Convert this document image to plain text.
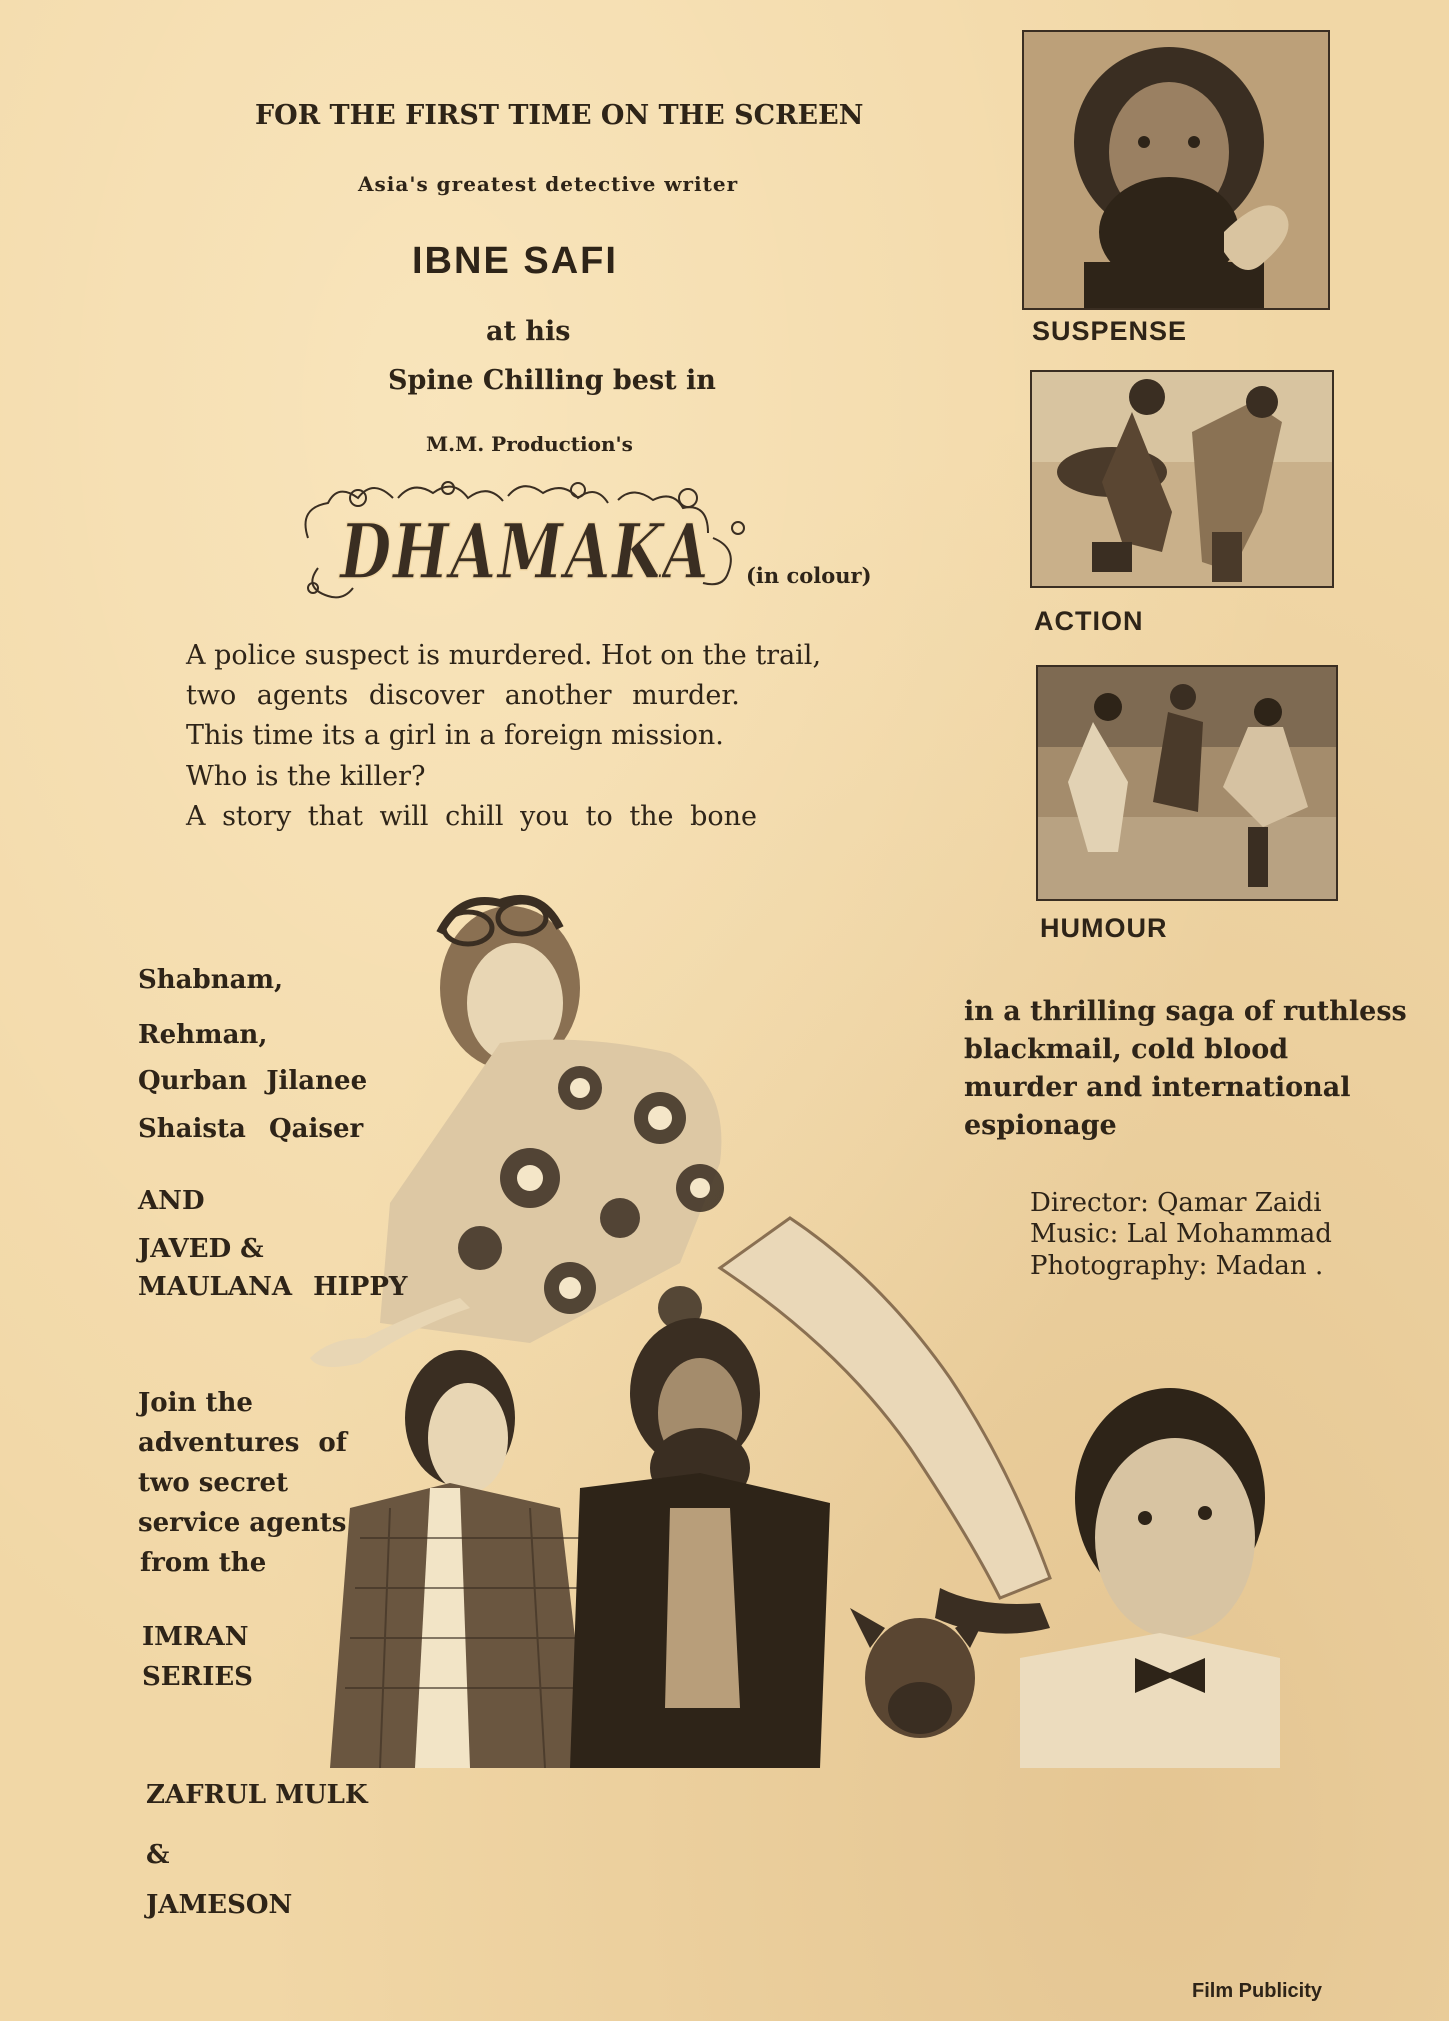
FOR THE FIRST TIME ON THE SCREEN
Asia's greatest detective writer
IBNE SAFI
at his
Spine Chilling best in
M.M. Production's
DHAMAKA (in colour)
A police suspect is murdered. Hot on the trail,
two agents discover another murder.
This time its a girl in a foreign mission.
Who is the killer?
A story that will chill you to the bone
SUSPENSE
ACTION
HUMOUR
Shabnam,
Rehman,
Qurban Jilanee
Shaista Qaiser
AND
JAVED &
MAULANA HIPPY
Join the
adventures of
two secret
service agents
from the
IMRAN
SERIES
ZAFRUL MULK
&
JAMESON
in a thrilling saga of ruthless
blackmail, cold blood
murder and international
espionage
Director: Qamar Zaidi
Music: Lal Mohammad
Photography: Madan .
Film Publicity
